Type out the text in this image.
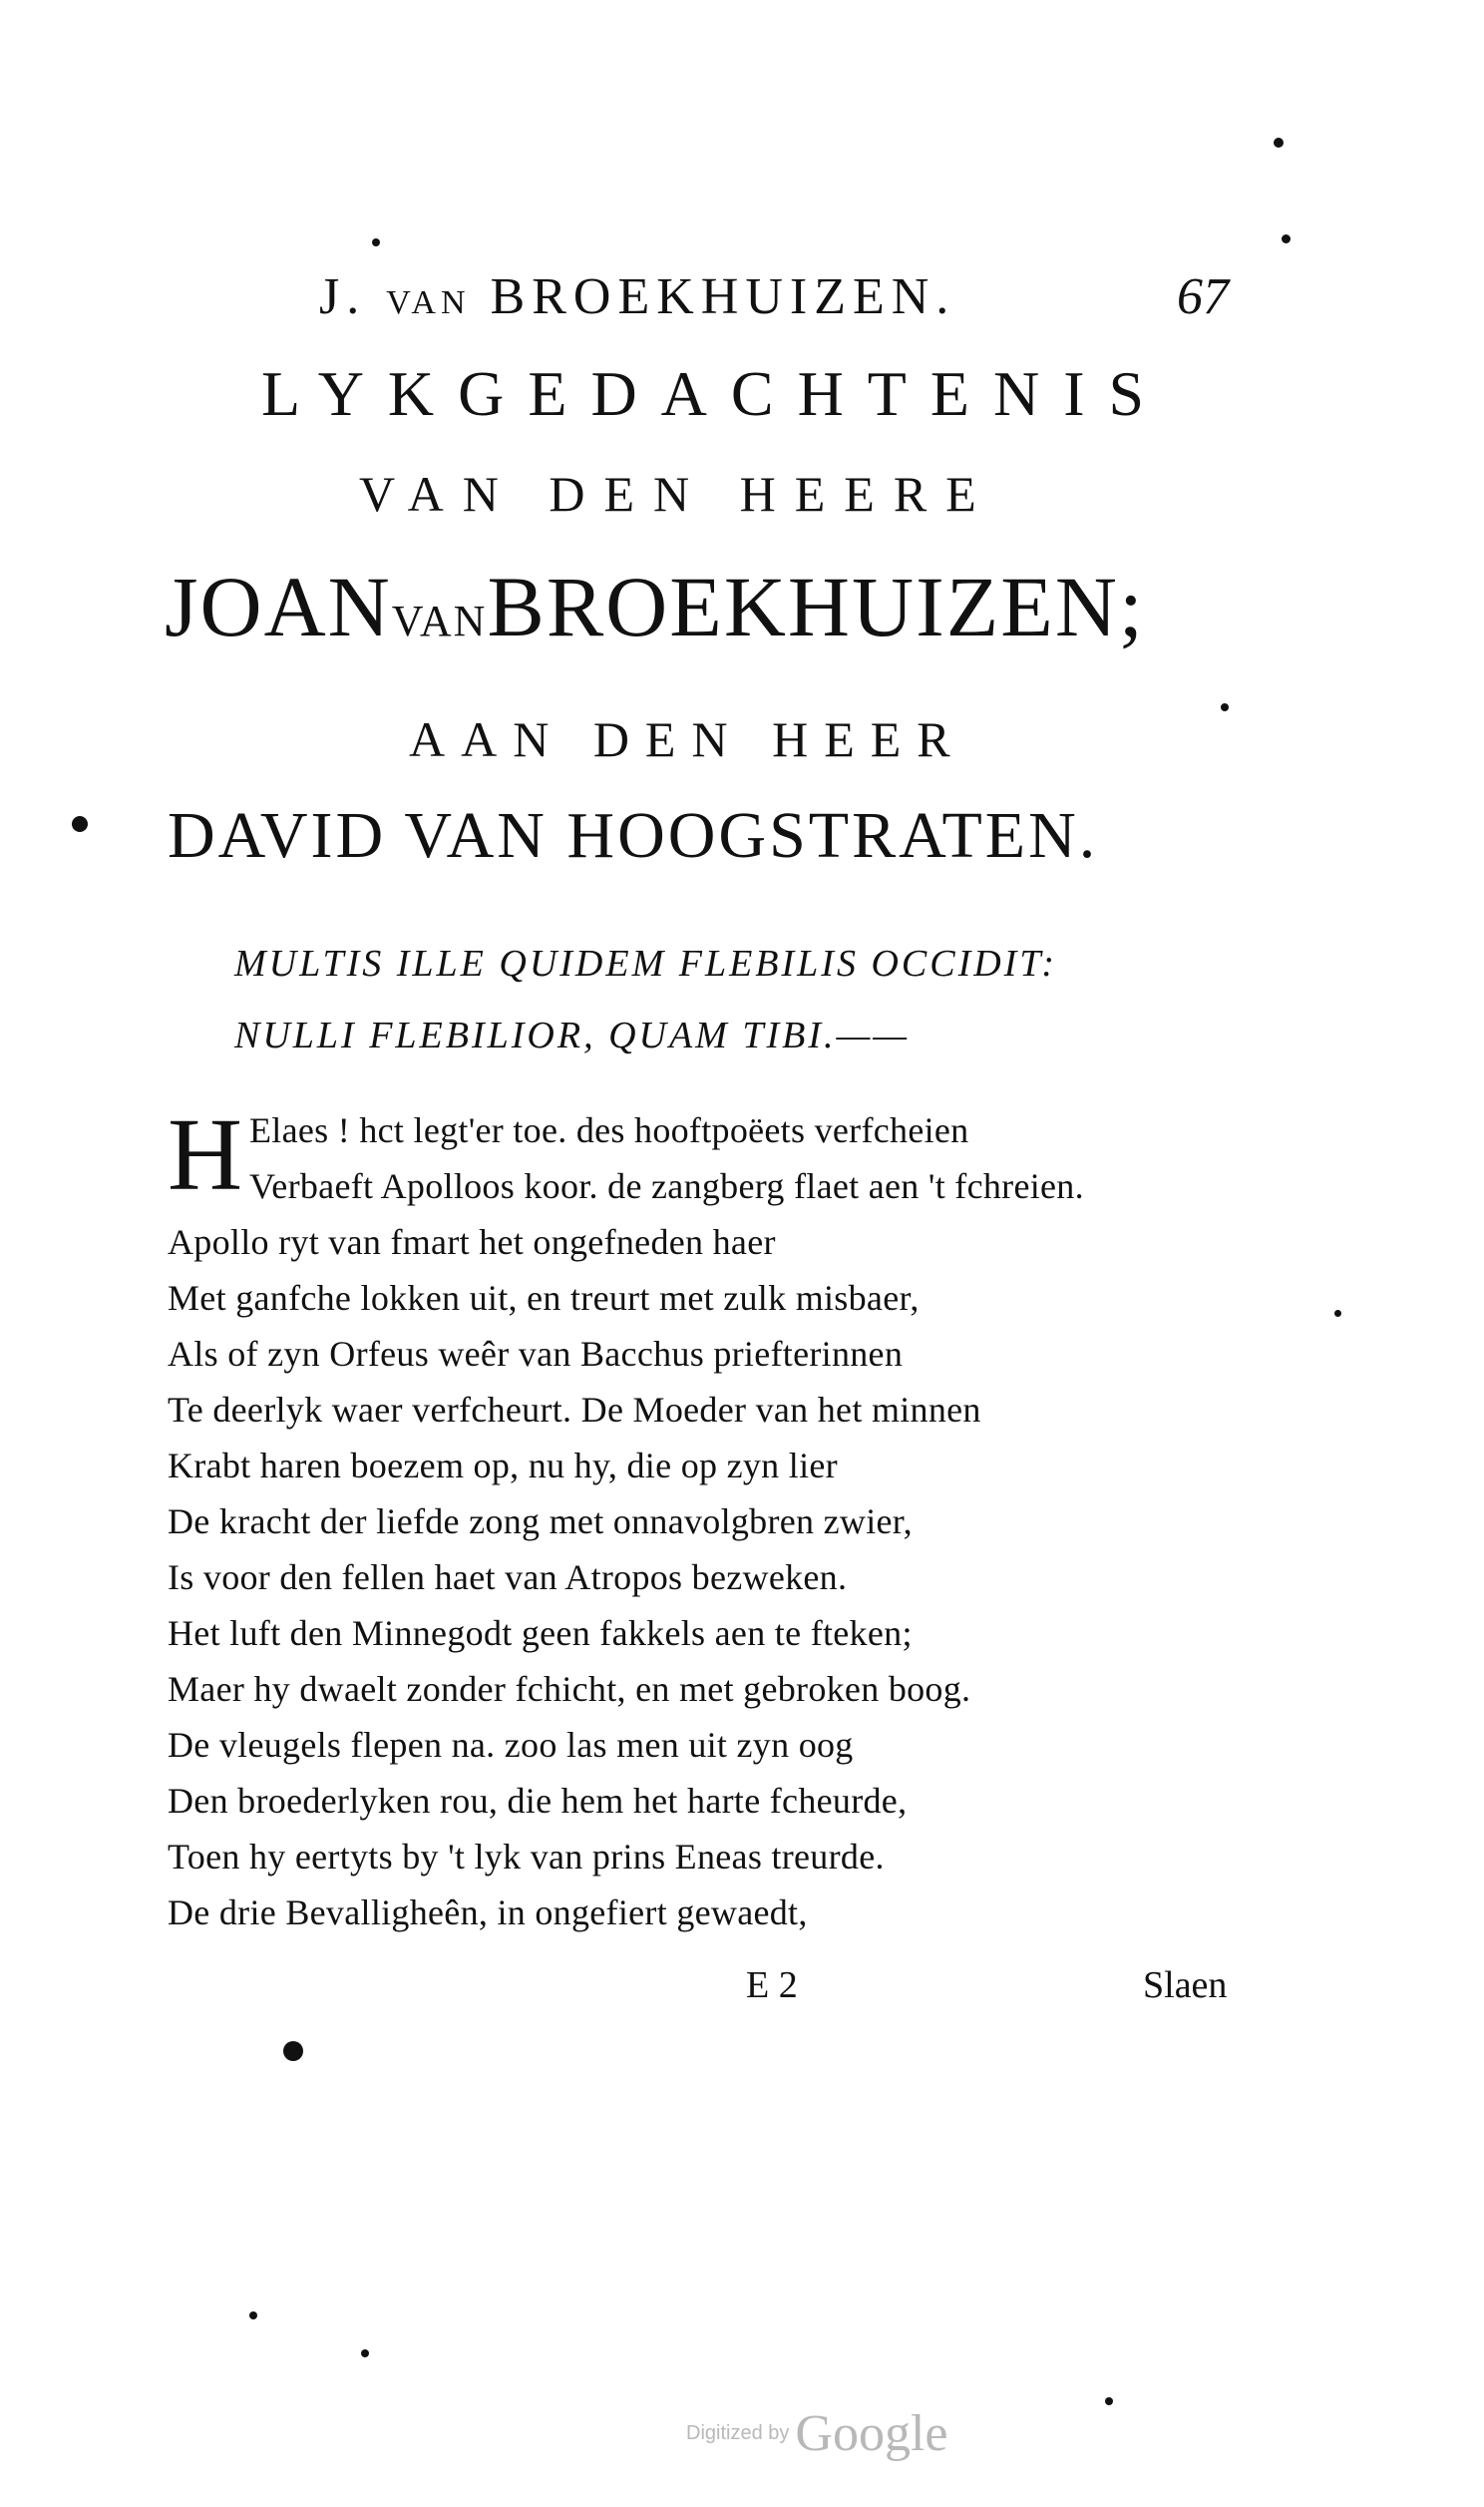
J. VAN BROEKHUIZEN.	67
LYKGEDACHTENIS
VAN DEN HEERE
JOANVANBROEKHUIZEN;
AAN DEN HEER
DAVID VAN HOOGSTRATEN.
MULTIS ILLE QUIDEM FLEBILIS OCCIDIT:
NULLI FLEBILIOR, QUAM TIBI.——
H Elaes ! hct legt'er toe. des hooftpoëets verfcheien
Verbaeft Apolloos koor. de zangberg flaet aen 't fchreien.
Apollo ryt van fmart het ongefneden haer
Met ganfche lokken uit, en treurt met zulk misbaer,
Als of zyn Orfeus weêr van Bacchus priefterinnen
Te deerlyk waer verfcheurt. De Moeder van het minnen
Krabt haren boezem op, nu hy, die op zyn lier
De kracht der liefde zong met onnavolgbren zwier,
Is voor den fellen haet van Atropos bezweken.
Het luft den Minnegodt geen fakkels aen te fteken;
Maer hy dwaelt zonder fchicht, en met gebroken boog.
De vleugels flepen na. zoo las men uit zyn oog
Den broederlyken rou, die hem het harte fcheurde,
Toen hy eertyts by 't lyk van prins Eneas treurde.
De drie Bevalligheên, in ongefiert gewaedt,
E 2	Slaen
Digitized by Google
